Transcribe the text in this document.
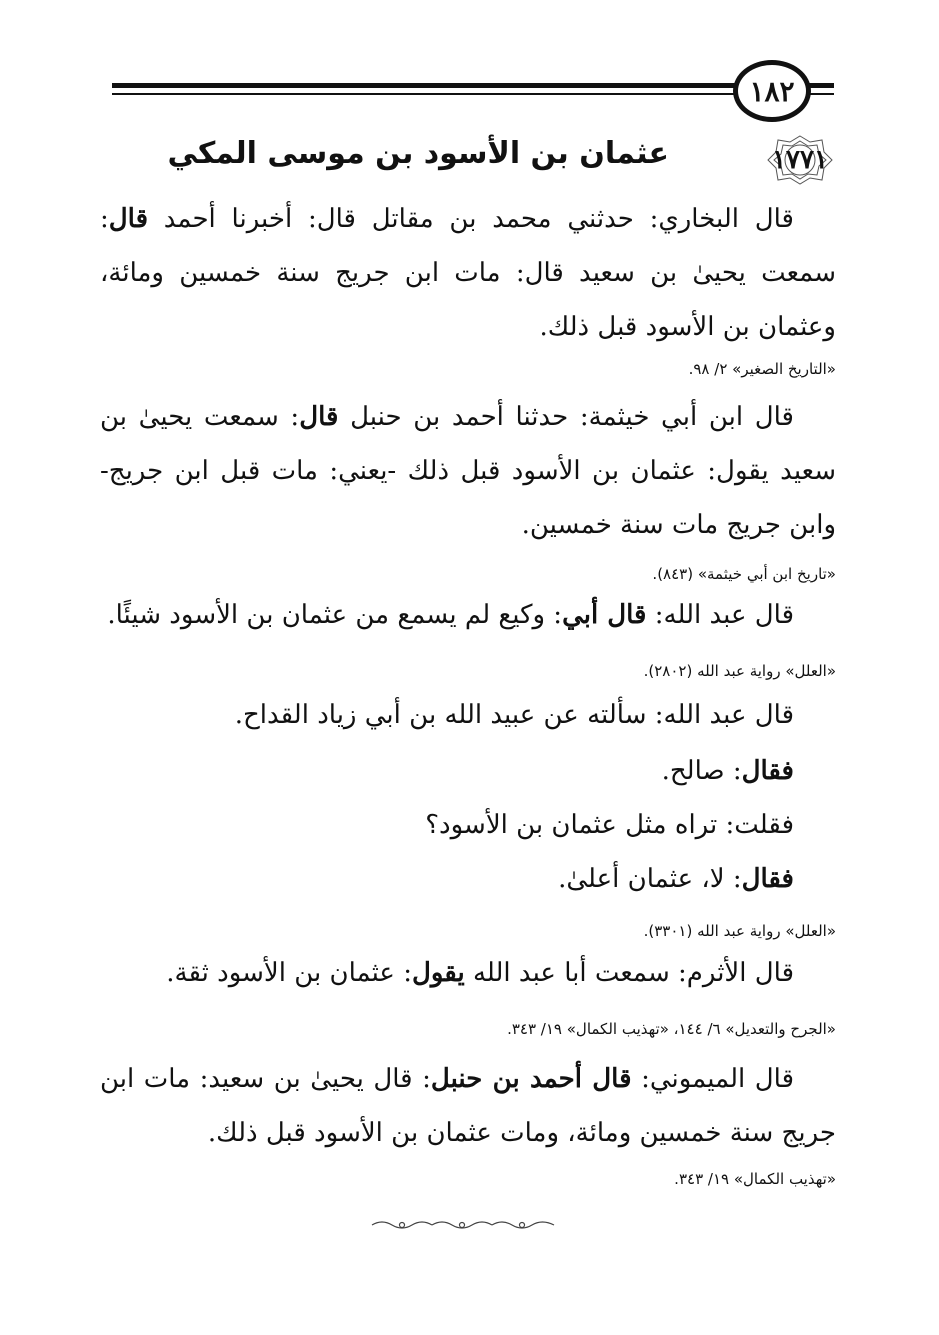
١٨٢
١٧٧١
عثمان بن الأسود بن موسى المكي
قال البخاري: حدثني محمد بن مقاتل قال: أخبرنا أحمد قال: سمعت يحيىٰ بن سعيد قال: مات ابن جريج سنة خمسين ومائة، وعثمان بن الأسود قبل ذلك.
«التاريخ الصغير» ٢/ ٩٨.
قال ابن أبي خيثمة: حدثنا أحمد بن حنبل قال: سمعت يحيىٰ بن سعيد يقول: عثمان بن الأسود قبل ذلك -يعني: مات قبل ابن جريج- وابن جريج مات سنة خمسين.
«تاريخ ابن أبي خيثمة» (٨٤٣).
قال عبد الله: قال أبي: وكيع لم يسمع من عثمان بن الأسود شيئًا.
«العلل» رواية عبد الله (٢٨٠٢).
قال عبد الله: سألته عن عبيد الله بن أبي زياد القداح.
فقال: صالح.
فقلت: تراه مثل عثمان بن الأسود؟
فقال: لا، عثمان أعلىٰ.
«العلل» رواية عبد الله (٣٣٠١).
قال الأثرم: سمعت أبا عبد الله يقول: عثمان بن الأسود ثقة.
«الجرح والتعديل» ٦/ ١٤٤، «تهذيب الكمال» ١٩/ ٣٤٣.
قال الميموني: قال أحمد بن حنبل: قال يحيىٰ بن سعيد: مات ابن جريج سنة خمسين ومائة، ومات عثمان بن الأسود قبل ذلك.
«تهذيب الكمال» ١٩/ ٣٤٣.
